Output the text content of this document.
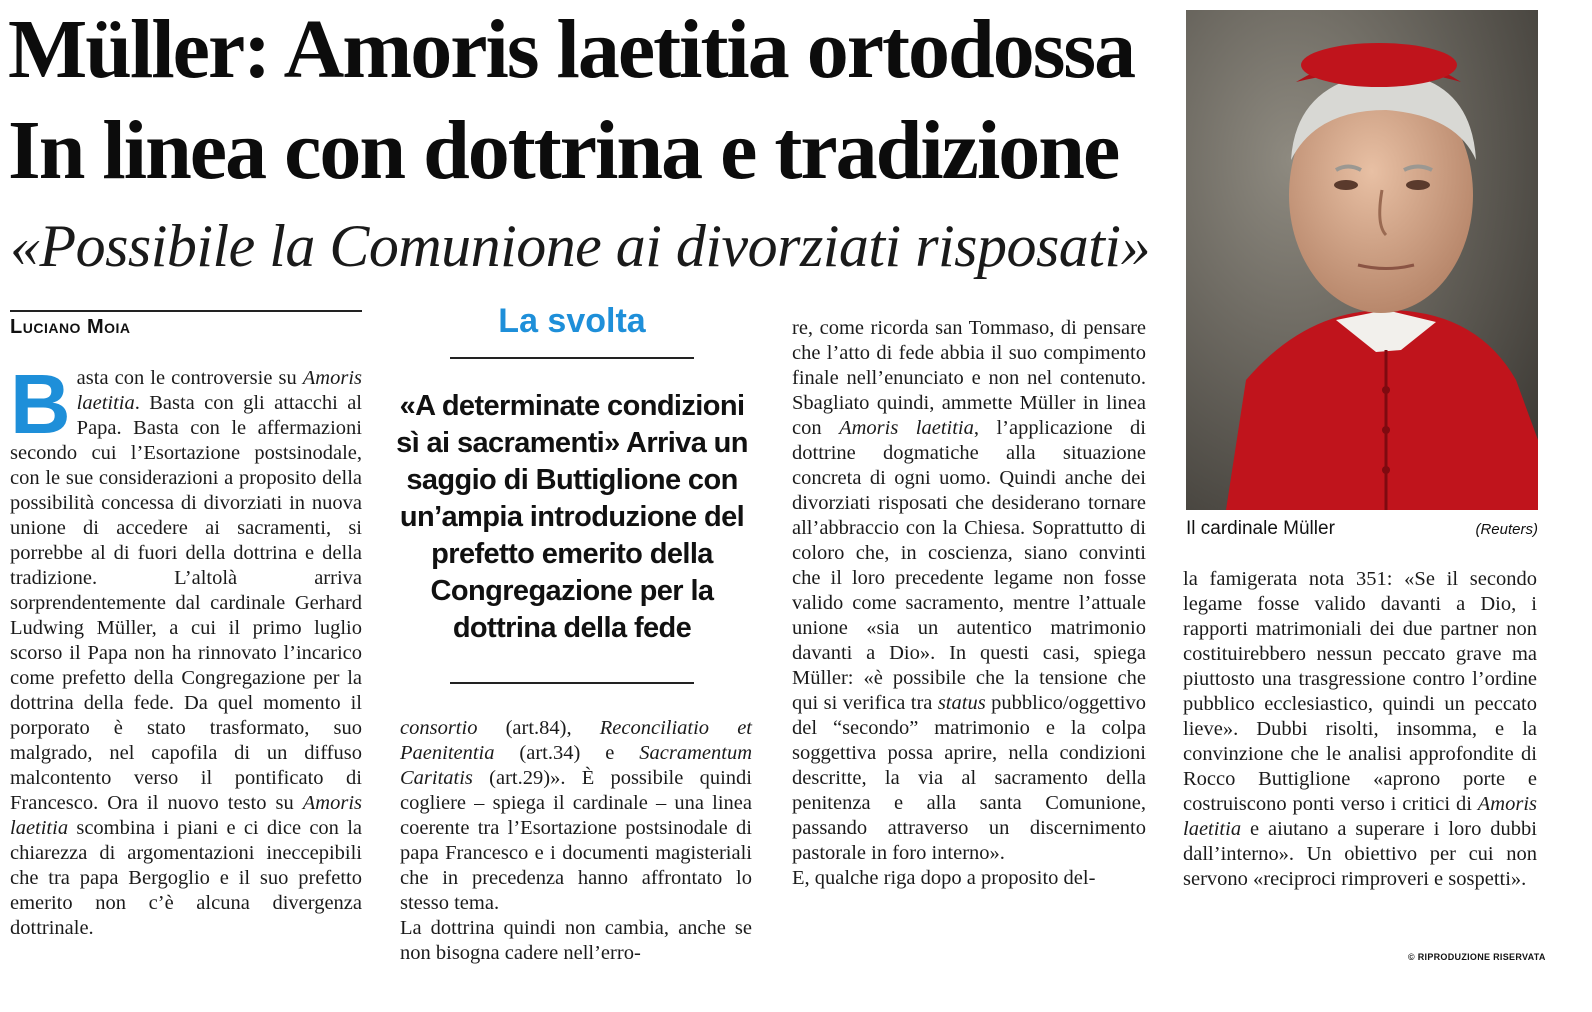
Müller: Amoris laetitia ortodossa
In linea con dottrina e tradizione
«Possibile la Comunione ai divorziati risposati»
Luciano Moia

Basta con le controversie su Amoris laetitia. Basta con gli attacchi al Papa. Basta con le affermazioni secondo cui l’Esortazione postsinodale, con le sue considerazioni a proposito della possibilità concessa di divorziati in nuova unione di accedere ai sacramenti, si porrebbe al di fuori della dottrina e della tradizione. L’altolà arriva sorprendentemente dal cardinale Gerhard Ludwing Müller, a cui il primo luglio scorso il Papa non ha rinnovato l’incarico come prefetto della Congregazione per la dottrina della fede. Da quel momento il porporato è stato trasformato, suo malgrado, nel capofila di un diffuso malcontento verso il pontificato di Francesco. Ora il nuovo testo su Amoris laetitia scombina i piani e ci dice con la chiarezza di argomentazioni ineccepibili che tra papa Bergoglio e il suo prefetto emerito non c’è alcuna divergenza dottrinale.

La svolta
«A determinate condizioni sì ai sacramenti» Arriva un saggio di Buttiglione con un’ampia introduzione del prefetto emerito della Congregazione per la dottrina della fede

consortio (art.84), Reconciliatio et Paenitentia (art.34) e Sacramentum Caritatis (art.29)». È possibile quindi cogliere – spiega il cardinale – una linea coerente tra l’Esortazione postsinodale di papa Francesco e i documenti magisteriali che in precedenza hanno affrontato lo stesso tema.

La dottrina quindi non cambia, anche se non bisogna cadere nell’erro-

re, come ricorda san Tommaso, di pensare che l’atto di fede abbia il suo compimento finale nell’enunciato e non nel contenuto. Sbagliato quindi, ammette Müller in linea con Amoris laetitia, l’applicazione di dottrine dogmatiche alla situazione concreta di ogni uomo. Quindi anche dei divorziati risposati che desiderano tornare all’abbraccio con la Chiesa. Soprattutto di coloro che, in coscienza, siano convinti che il loro precedente legame non fosse valido come sacramento, mentre l’attuale unione «sia un autentico matrimonio davanti a Dio». In questi casi, spiega Müller: «è possibile che la tensione che qui si verifica tra status pubblico/oggettivo del “secondo” matrimonio e la colpa soggettiva possa aprire, nella condizioni descritte, la via al sacramento della penitenza e alla santa Comunione, passando attraverso un discernimento pastorale in foro interno».

E, qualche riga dopo a proposito del-

Il cardinale Müller	(Reuters)

la famigerata nota 351: «Se il secondo legame fosse valido davanti a Dio, i rapporti matrimoniali dei due partner non costituirebbero nessun peccato grave ma piuttosto una trasgressione contro l’ordine pubblico ecclesiastico, quindi un peccato lieve». Dubbi risolti, insomma, e la convinzione che le analisi approfondite di Rocco Buttiglione «aprono porte e costruiscono ponti verso i critici di Amoris laetitia e aiutano a superare i loro dubbi dall’interno». Un obiettivo per cui non servono «reciproci rimproveri e sospetti».

© RIPRODUZIONE RISERVATA
